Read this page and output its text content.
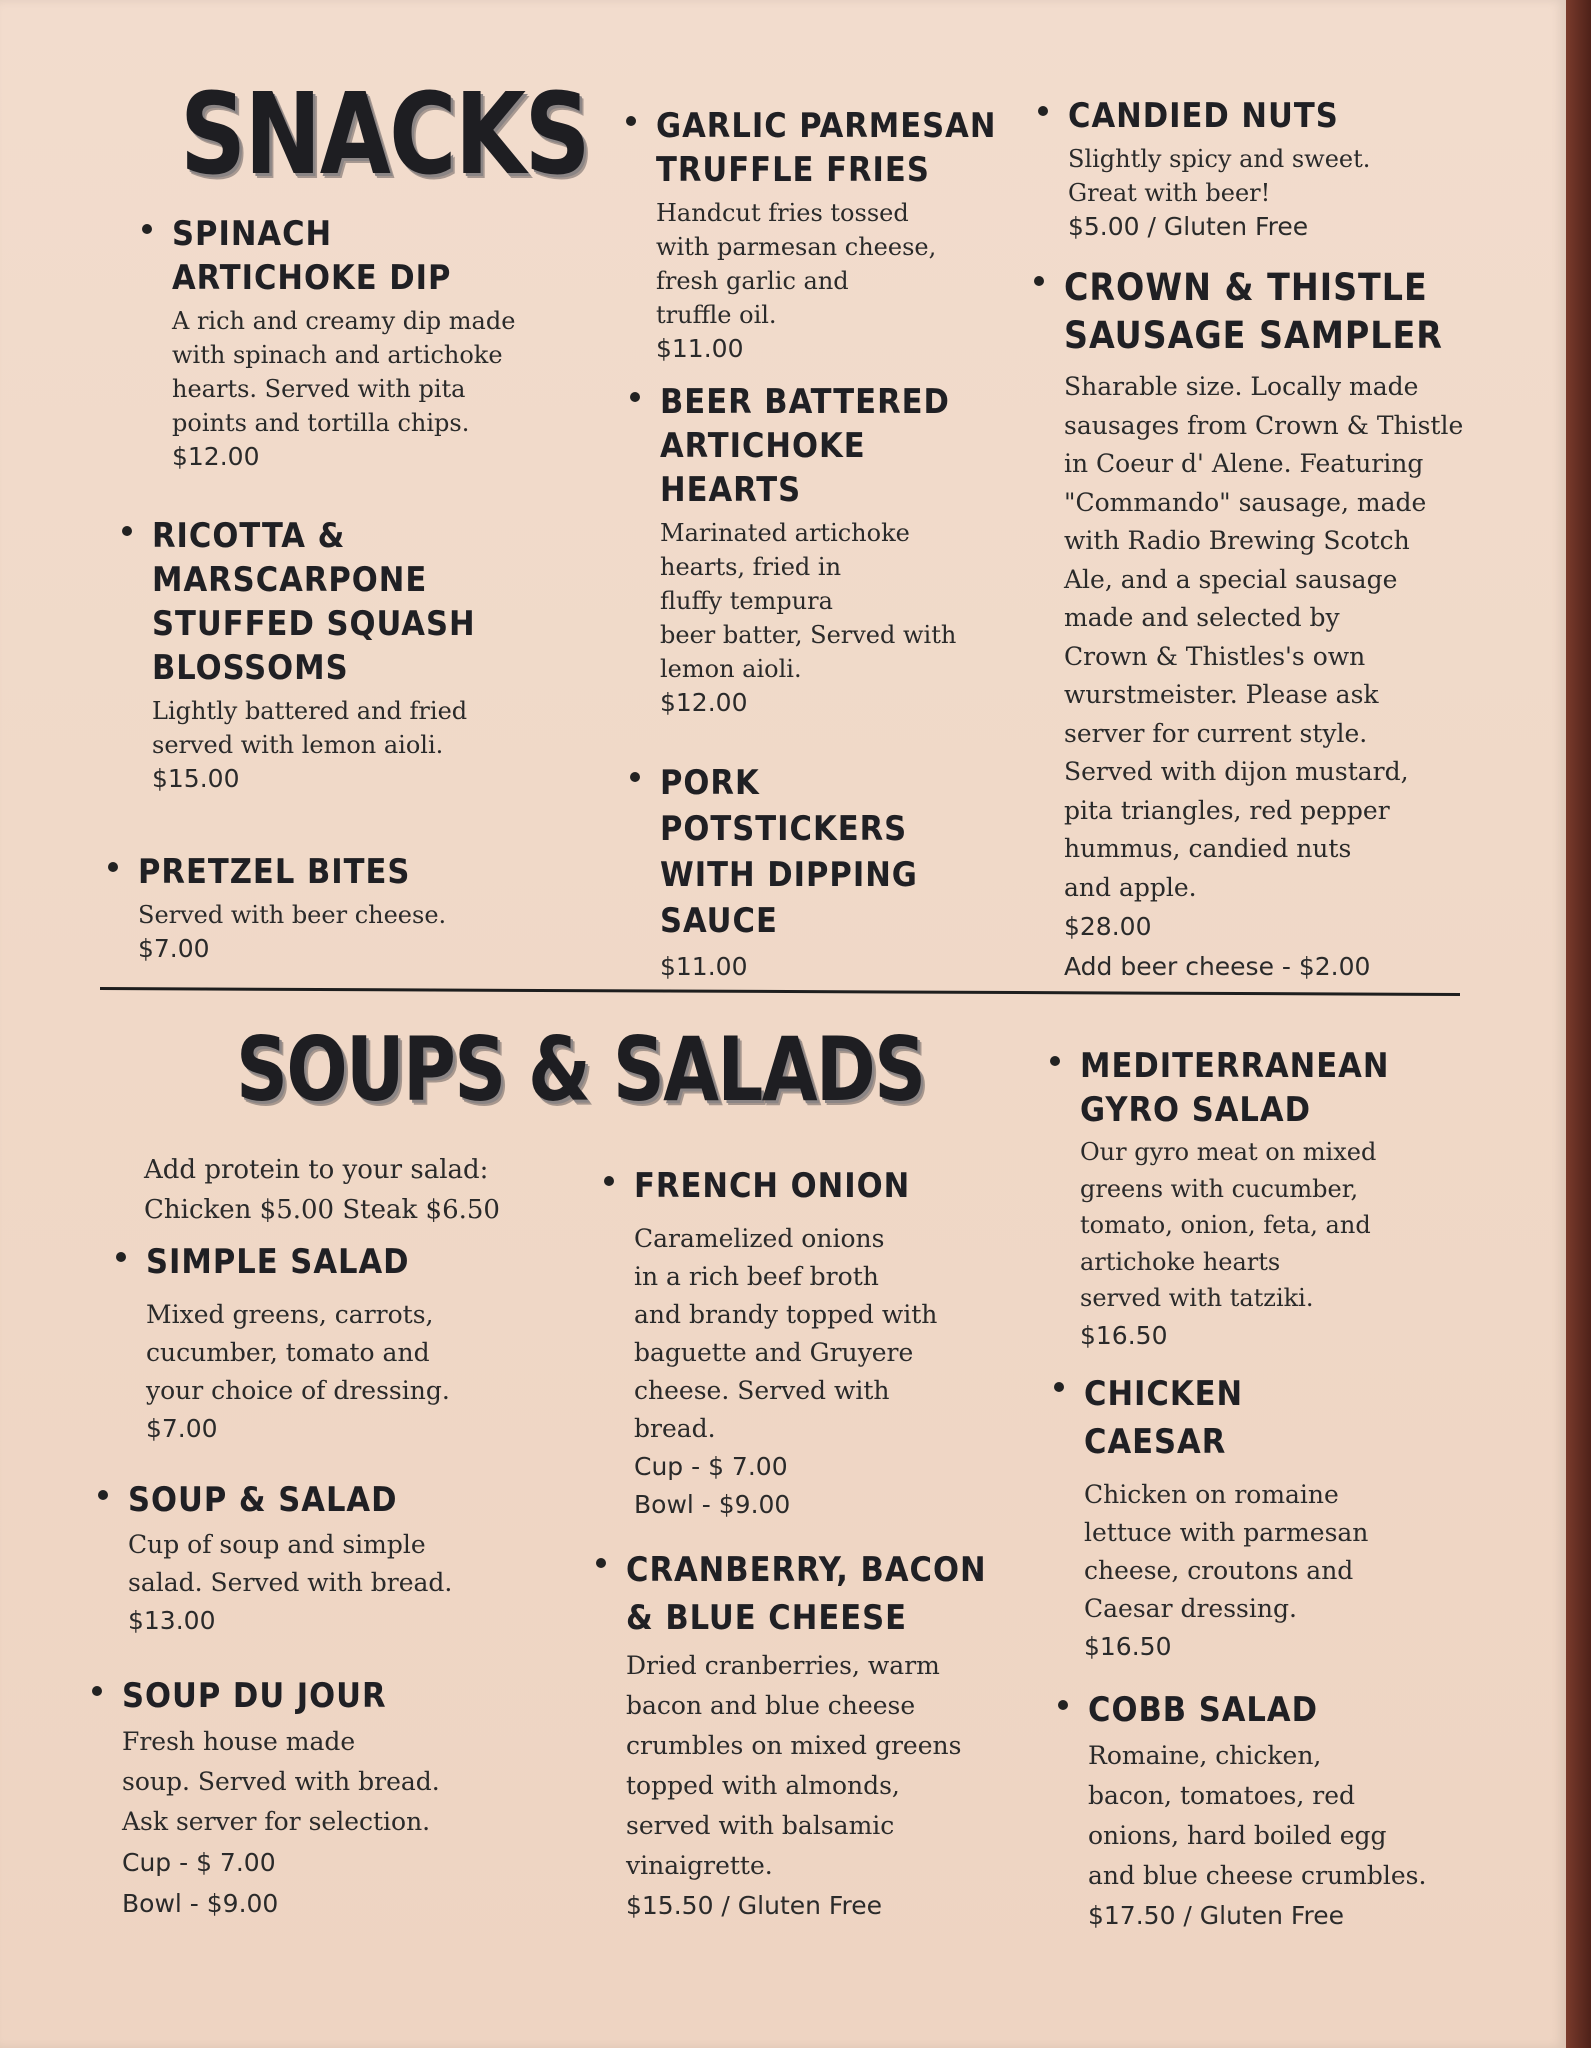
SNACKS
SPINACH
ARTICHOKE DIP
A rich and creamy dip made
with spinach and artichoke
hearts. Served with pita
points and tortilla chips.
$12.00
RICOTTA &
MARSCARPONE
STUFFED SQUASH
BLOSSOMS
Lightly battered and fried
served with lemon aioli.
$15.00
PRETZEL BITES
Served with beer cheese.
$7.00
GARLIC PARMESAN
TRUFFLE FRIES
Handcut fries tossed
with parmesan cheese,
fresh garlic and
truffle oil.
$11.00
BEER BATTERED
ARTICHOKE
HEARTS
Marinated artichoke
hearts, fried in
fluffy tempura
beer batter, Served with
lemon aioli.
$12.00
PORK
POTSTICKERS
WITH DIPPING
SAUCE
$11.00
CANDIED NUTS
Slightly spicy and sweet.
Great with beer!
$5.00 / Gluten Free
CROWN & THISTLE
SAUSAGE SAMPLER
Sharable size. Locally made
sausages from Crown & Thistle
in Coeur d' Alene. Featuring
"Commando" sausage, made
with Radio Brewing Scotch
Ale, and a special sausage
made and selected by
Crown & Thistles's own
wurstmeister. Please ask
server for current style.
Served with dijon mustard,
pita triangles, red pepper
hummus, candied nuts
and apple.
$28.00
Add beer cheese - $2.00
SOUPS & SALADS
Add protein to your salad:
Chicken $5.00 Steak $6.50
SIMPLE SALAD
Mixed greens, carrots,
cucumber, tomato and
your choice of dressing.
$7.00
SOUP & SALAD
Cup of soup and simple
salad. Served with bread.
$13.00
SOUP DU JOUR
Fresh house made
soup. Served with bread.
Ask server for selection.
Cup - $ 7.00
Bowl - $9.00
FRENCH ONION
Caramelized onions
in a rich beef broth
and brandy topped with
baguette and Gruyere
cheese. Served with
bread.
Cup - $ 7.00
Bowl - $9.00
CRANBERRY, BACON
& BLUE CHEESE
Dried cranberries, warm
bacon and blue cheese
crumbles on mixed greens
topped with almonds,
served with balsamic
vinaigrette.
$15.50 / Gluten Free
MEDITERRANEAN
GYRO SALAD
Our gyro meat on mixed
greens with cucumber,
tomato, onion, feta, and
artichoke hearts
served with tatziki.
$16.50
CHICKEN
CAESAR
Chicken on romaine
lettuce with parmesan
cheese, croutons and
Caesar dressing.
$16.50
COBB SALAD
Romaine, chicken,
bacon, tomatoes, red
onions, hard boiled egg
and blue cheese crumbles.
$17.50 / Gluten Free
